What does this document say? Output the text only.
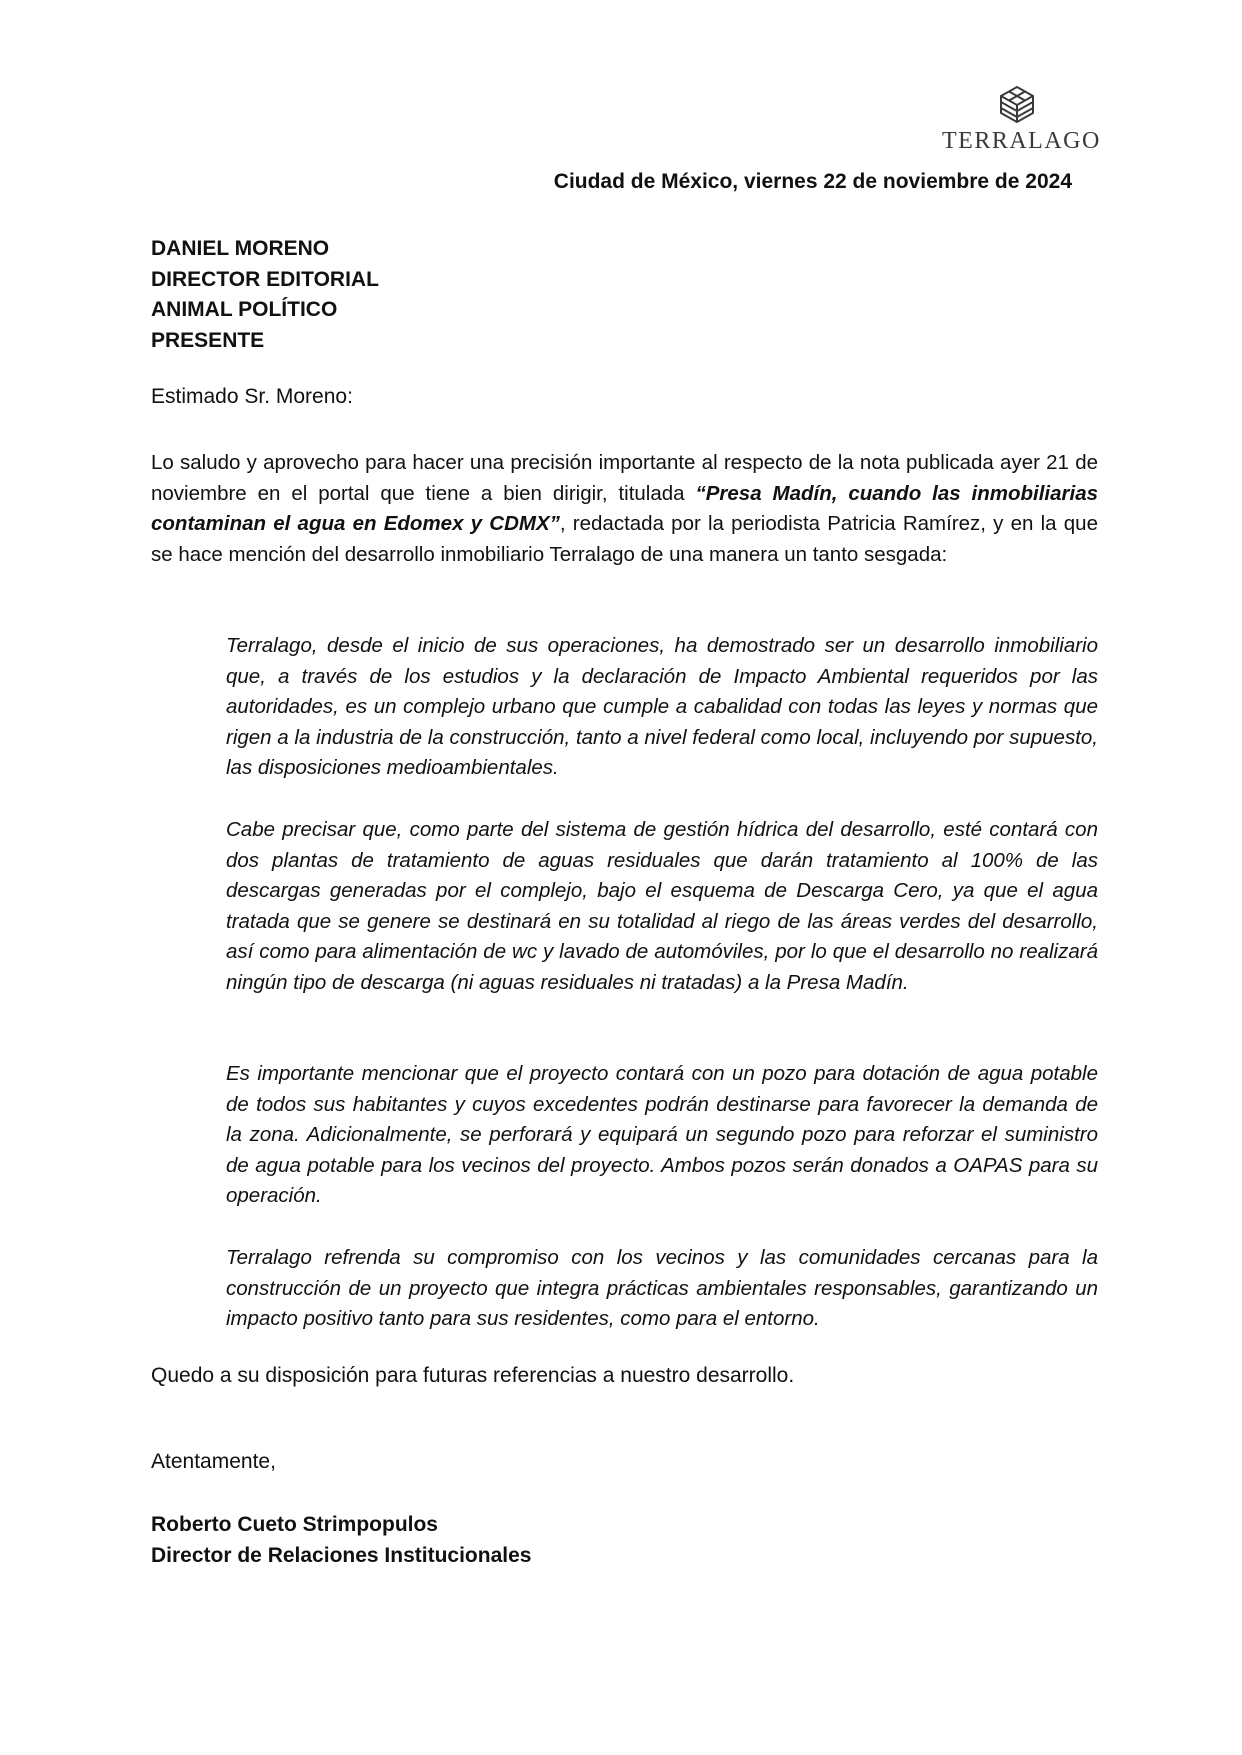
TERRALAGO
Ciudad de México, viernes 22 de noviembre de 2024
DANIEL MORENO
DIRECTOR EDITORIAL
ANIMAL POLÍTICO
PRESENTE
Estimado Sr. Moreno:
Lo saludo y aprovecho para hacer una precisión importante al respecto de la nota publicada ayer 21 de noviembre en el portal que tiene a bien dirigir, titulada “Presa Madín, cuando las inmobiliarias contaminan el agua en Edomex y CDMX”, redactada por la periodista Patricia Ramírez, y en la que se hace mención del desarrollo inmobiliario Terralago de una manera un tanto sesgada:
Terralago, desde el inicio de sus operaciones, ha demostrado ser un desarrollo inmobiliario que, a través de los estudios y la declaración de Impacto Ambiental requeridos por las autoridades, es un complejo urbano que cumple a cabalidad con todas las leyes y normas que rigen a la industria de la construcción, tanto a nivel federal como local, incluyendo por supuesto, las disposiciones medioambientales.
Cabe precisar que, como parte del sistema de gestión hídrica del desarrollo, esté contará con dos plantas de tratamiento de aguas residuales que darán tratamiento al 100% de las descargas generadas por el complejo, bajo el esquema de Descarga Cero, ya que el agua tratada que se genere se destinará en su totalidad al riego de las áreas verdes del desarrollo, así como para alimentación de wc y lavado de automóviles, por lo que el desarrollo no realizará ningún tipo de descarga (ni aguas residuales ni tratadas) a la Presa Madín.
Es importante mencionar que el proyecto contará con un pozo para dotación de agua potable de todos sus habitantes y cuyos excedentes podrán destinarse para favorecer la demanda de la zona. Adicionalmente, se perforará y equipará un segundo pozo para reforzar el suministro de agua potable para los vecinos del proyecto. Ambos pozos serán donados a OAPAS para su operación.
Terralago refrenda su compromiso con los vecinos y las comunidades cercanas para la construcción de un proyecto que integra prácticas ambientales responsables, garantizando un impacto positivo tanto para sus residentes, como para el entorno.
Quedo a su disposición para futuras referencias a nuestro desarrollo.
Atentamente,
Roberto Cueto Strimpopulos
Director de Relaciones Institucionales
